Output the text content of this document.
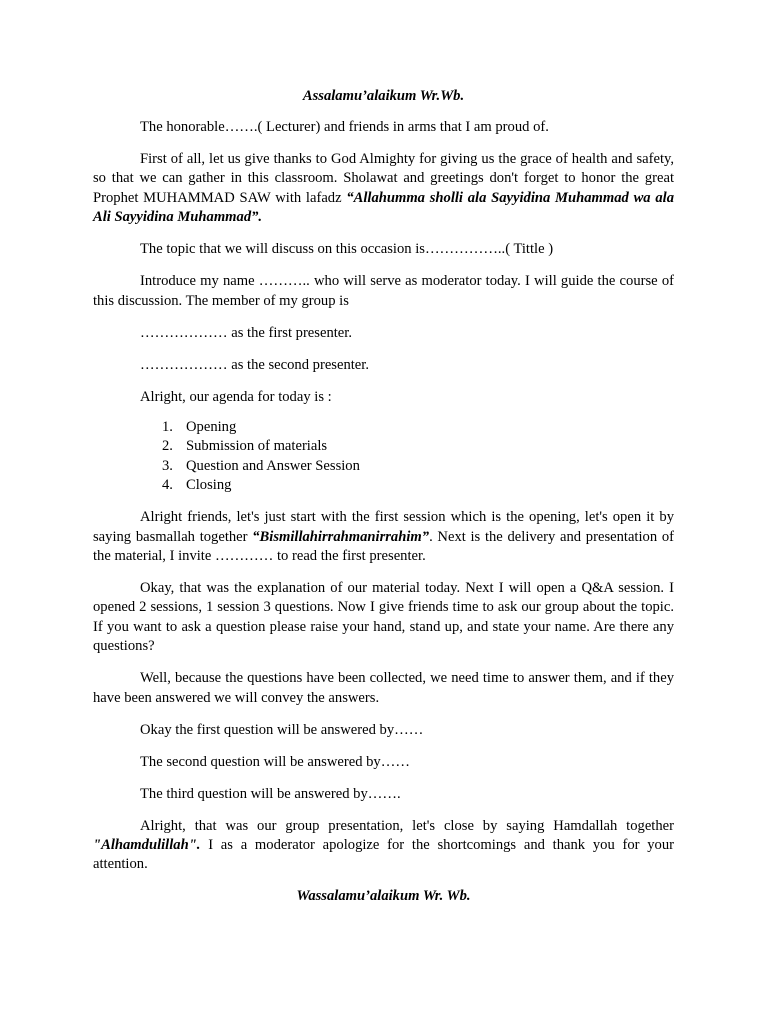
Assalamu’alaikum Wr.Wb.

The honorable…….( Lecturer) and friends in arms that I am proud of.

First of all, let us give thanks to God Almighty for giving us the grace of health and safety, so that we can gather in this classroom. Sholawat and greetings don't forget to honor the great Prophet MUHAMMAD SAW with lafadz “Allahumma sholli ala Sayyidina Muhammad wa ala Ali Sayyidina Muhammad”.

The topic that we will discuss on this occasion is……………..( Tittle )

Introduce my name ……….. who will serve as moderator today. I will guide the course of this discussion. The member of my group is

……………… as the first presenter.

……………… as the second presenter.

Alright, our agenda for today is :

1. Opening
2. Submission of materials
3. Question and Answer Session
4. Closing

Alright friends, let's just start with the first session which is the opening, let's open it by saying basmallah together “Bismillahirrahmanirrahim”. Next is the delivery and presentation of the material, I invite ………… to read the first presenter.

Okay, that was the explanation of our material today. Next I will open a Q&A session. I opened 2 sessions, 1 session 3 questions. Now I give friends time to ask our group about the topic. If you want to ask a question please raise your hand, stand up, and state your name. Are there any questions?

Well, because the questions have been collected, we need time to answer them, and if they have been answered we will convey the answers.

Okay the first question will be answered by……

The second question will be answered by……

The third question will be answered by…….

Alright, that was our group presentation, let's close by saying Hamdallah together "Alhamdulillah". I as a moderator apologize for the shortcomings and thank you for your attention.

Wassalamu’alaikum Wr. Wb.
